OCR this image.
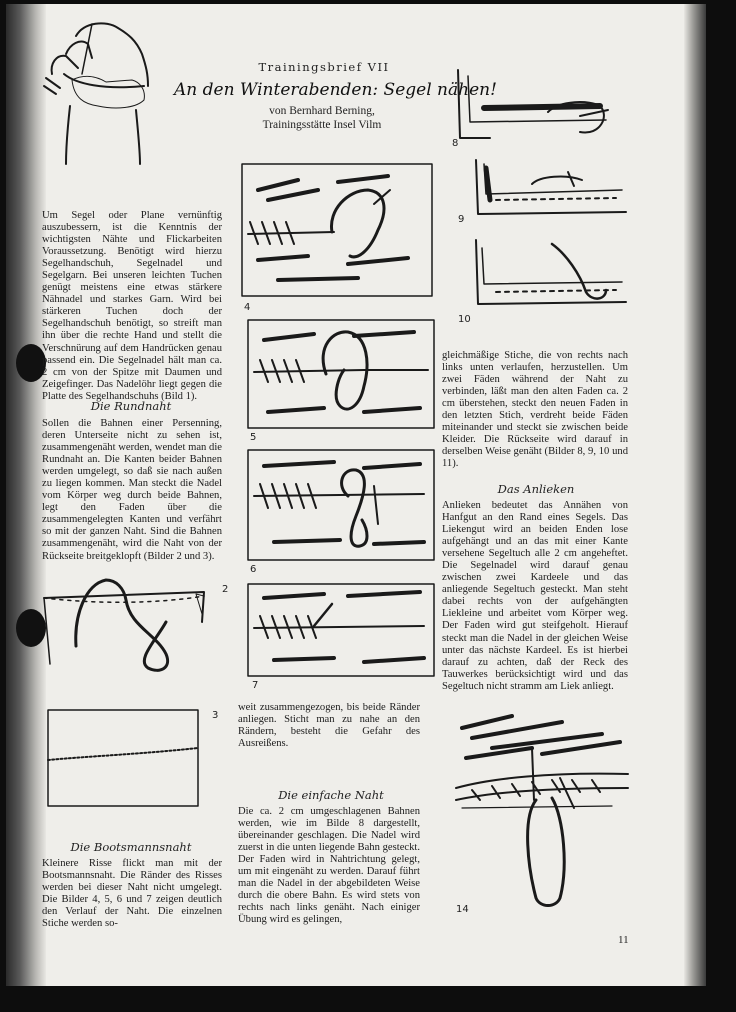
Trainingsbrief VII
An den Winterabenden: Segel nähen!
von Bernhard Berning,
Trainingsstätte Insel Vilm

Um Segel oder Plane vernünftig auszubessern, ist die Kenntnis der wichtigsten Nähte und Flickarbeiten Voraussetzung. Benötigt wird hierzu Segelhandschuh, Segelnadel und Segelgarn. Bei unseren leichten Tuchen genügt meistens eine etwas stärkere Nähnadel und starkes Garn. Wird bei stärkeren Tuchen doch der Segelhandschuh benötigt, so streift man ihn über die rechte Hand und stellt die Verschnürung auf dem Handrücken genau passend ein. Die Segelnadel hält man ca. 2 cm von der Spitze mit Daumen und Zeigefinger. Das Nadelöhr liegt gegen die Platte des Segelhandschuhs (Bild 1).

Die Rundnaht

Sollen die Bahnen einer Persenning, deren Unterseite nicht zu sehen ist, zusammengenäht werden, wendet man die Rundnaht an. Die Kanten beider Bahnen werden umgelegt, so daß sie nach außen zu liegen kommen. Man steckt die Nadel vom Körper weg durch beide Bahnen, legt den Faden über die zusammengelegten Kanten und verfährt so mit der ganzen Naht. Sind die Bahnen zusammengenäht, wird die Naht von der Rückseite breitgeklopft (Bilder 2 und 3).

2
3
Die Bootsmannsnaht

Kleinere Risse flickt man mit der Bootsmannsnaht. Die Ränder des Risses werden bei dieser Naht nicht umgelegt. Die Bilder 4, 5, 6 und 7 zeigen deutlich den Verlauf der Naht. Die einzelnen Stiche werden so-

4
5
6
7

weit zusammengezogen, bis beide Ränder anliegen. Sticht man zu nahe an den Rändern, besteht die Gefahr des Ausreißens.

Die einfache Naht

Die ca. 2 cm umgeschlagenen Bahnen werden, wie im Bilde 8 dargestellt, übereinander geschlagen. Die Nadel wird zuerst in die unten liegende Bahn gesteckt. Der Faden wird in Nahtrichtung gelegt, um mit eingenäht zu werden. Darauf führt man die Nadel in der abgebildeten Weise durch die obere Bahn. Es wird stets von rechts nach links genäht. Nach einiger Übung wird es gelingen,

8
9
10

gleichmäßige Stiche, die von rechts nach links unten verlaufen, herzustellen. Um zwei Fäden während der Naht zu verbinden, läßt man den alten Faden ca. 2 cm überstehen, steckt den neuen Faden in den letzten Stich, verdreht beide Fäden miteinander und steckt sie zwischen beide Kleider. Die Rückseite wird darauf in derselben Weise genäht (Bilder 8, 9, 10 und 11).

Das Anlieken

Anlieken bedeutet das Annähen von Hanfgut an den Rand eines Segels. Das Liekengut wird an beiden Enden lose aufgehängt und an das mit einer Kante versehene Segeltuch alle 2 cm angeheftet. Die Segelnadel wird darauf genau zwischen zwei Kardeele und das anliegende Segeltuch gesteckt. Man steht dabei rechts von der aufgehängten Liekleine und arbeitet vom Körper weg. Der Faden wird gut steifgeholt. Hierauf steckt man die Nadel in der gleichen Weise unter das nächste Kardeel. Es ist hierbei darauf zu achten, daß der Reck des Tauwerkes berücksichtigt wird und das Segeltuch nicht stramm am Liek anliegt.

14
11
